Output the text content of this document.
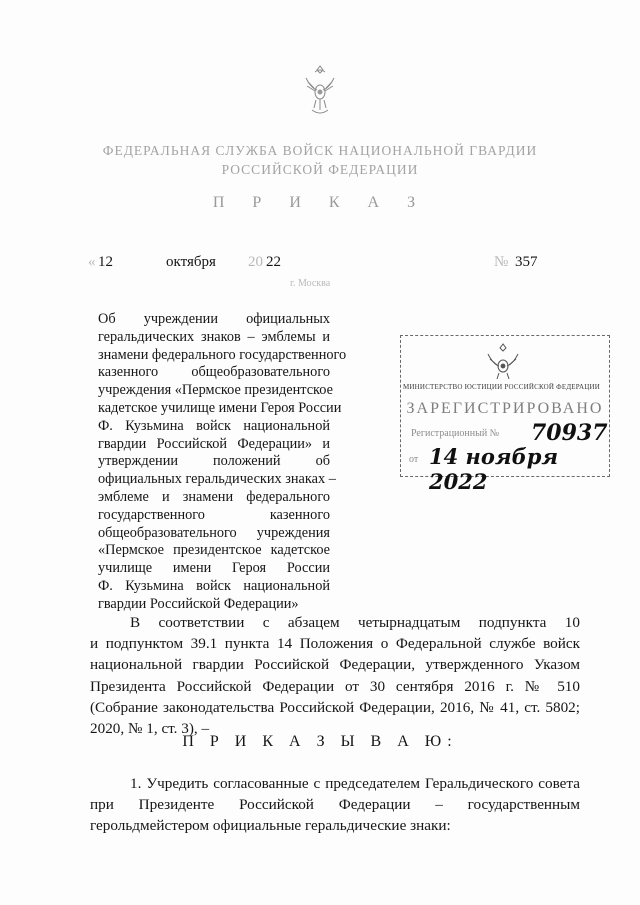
ФЕДЕРАЛЬНАЯ СЛУЖБА ВОЙСК НАЦИОНАЛЬНОЙ ГВАРДИИ
РОССИЙСКОЙ ФЕДЕРАЦИИ
П Р И К А З
« 12	октября 20 22
г. Москва
№ 357
Об учреждении официальных
геральдических знаков – эмблемы и
знамени федерального государственного
казенного общеобразовательного
учреждения «Пермское президентское
кадетское училище имени Героя России
Ф. Кузьмина войск национальной
гвардии Российской Федерации» и
утверждении положений об
официальных геральдических знаках –
эмблеме и знамени федерального
государственного казенного
общеобразовательного учреждения
«Пермское президентское кадетское
училище имени Героя России
Ф. Кузьмина войск национальной
гвардии Российской Федерации»
МИНИСТЕРСТВО ЮСТИЦИИ РОССИЙСКОЙ ФЕДЕРАЦИИ
ЗАРЕГИСТРИРОВАНО
Регистрационный № 70937
от 14 ноября 2022
В соответствии с абзацем четырнадцатым подпункта 10
и подпунктом 39.1 пункта 14 Положения о Федеральной службе войск
национальной гвардии Российской Федерации, утвержденного Указом
Президента Российской Федерации от 30 сентября 2016 г. № 510
(Собрание законодательства Российской Федерации, 2016, № 41, ст. 5802;
2020, № 1, ст. 3), –
П Р И К А З Ы В А Ю:
1. Учредить согласованные с председателем Геральдического совета
при Президенте Российской Федерации – государственным
герольдмейстером официальные геральдические знаки:
